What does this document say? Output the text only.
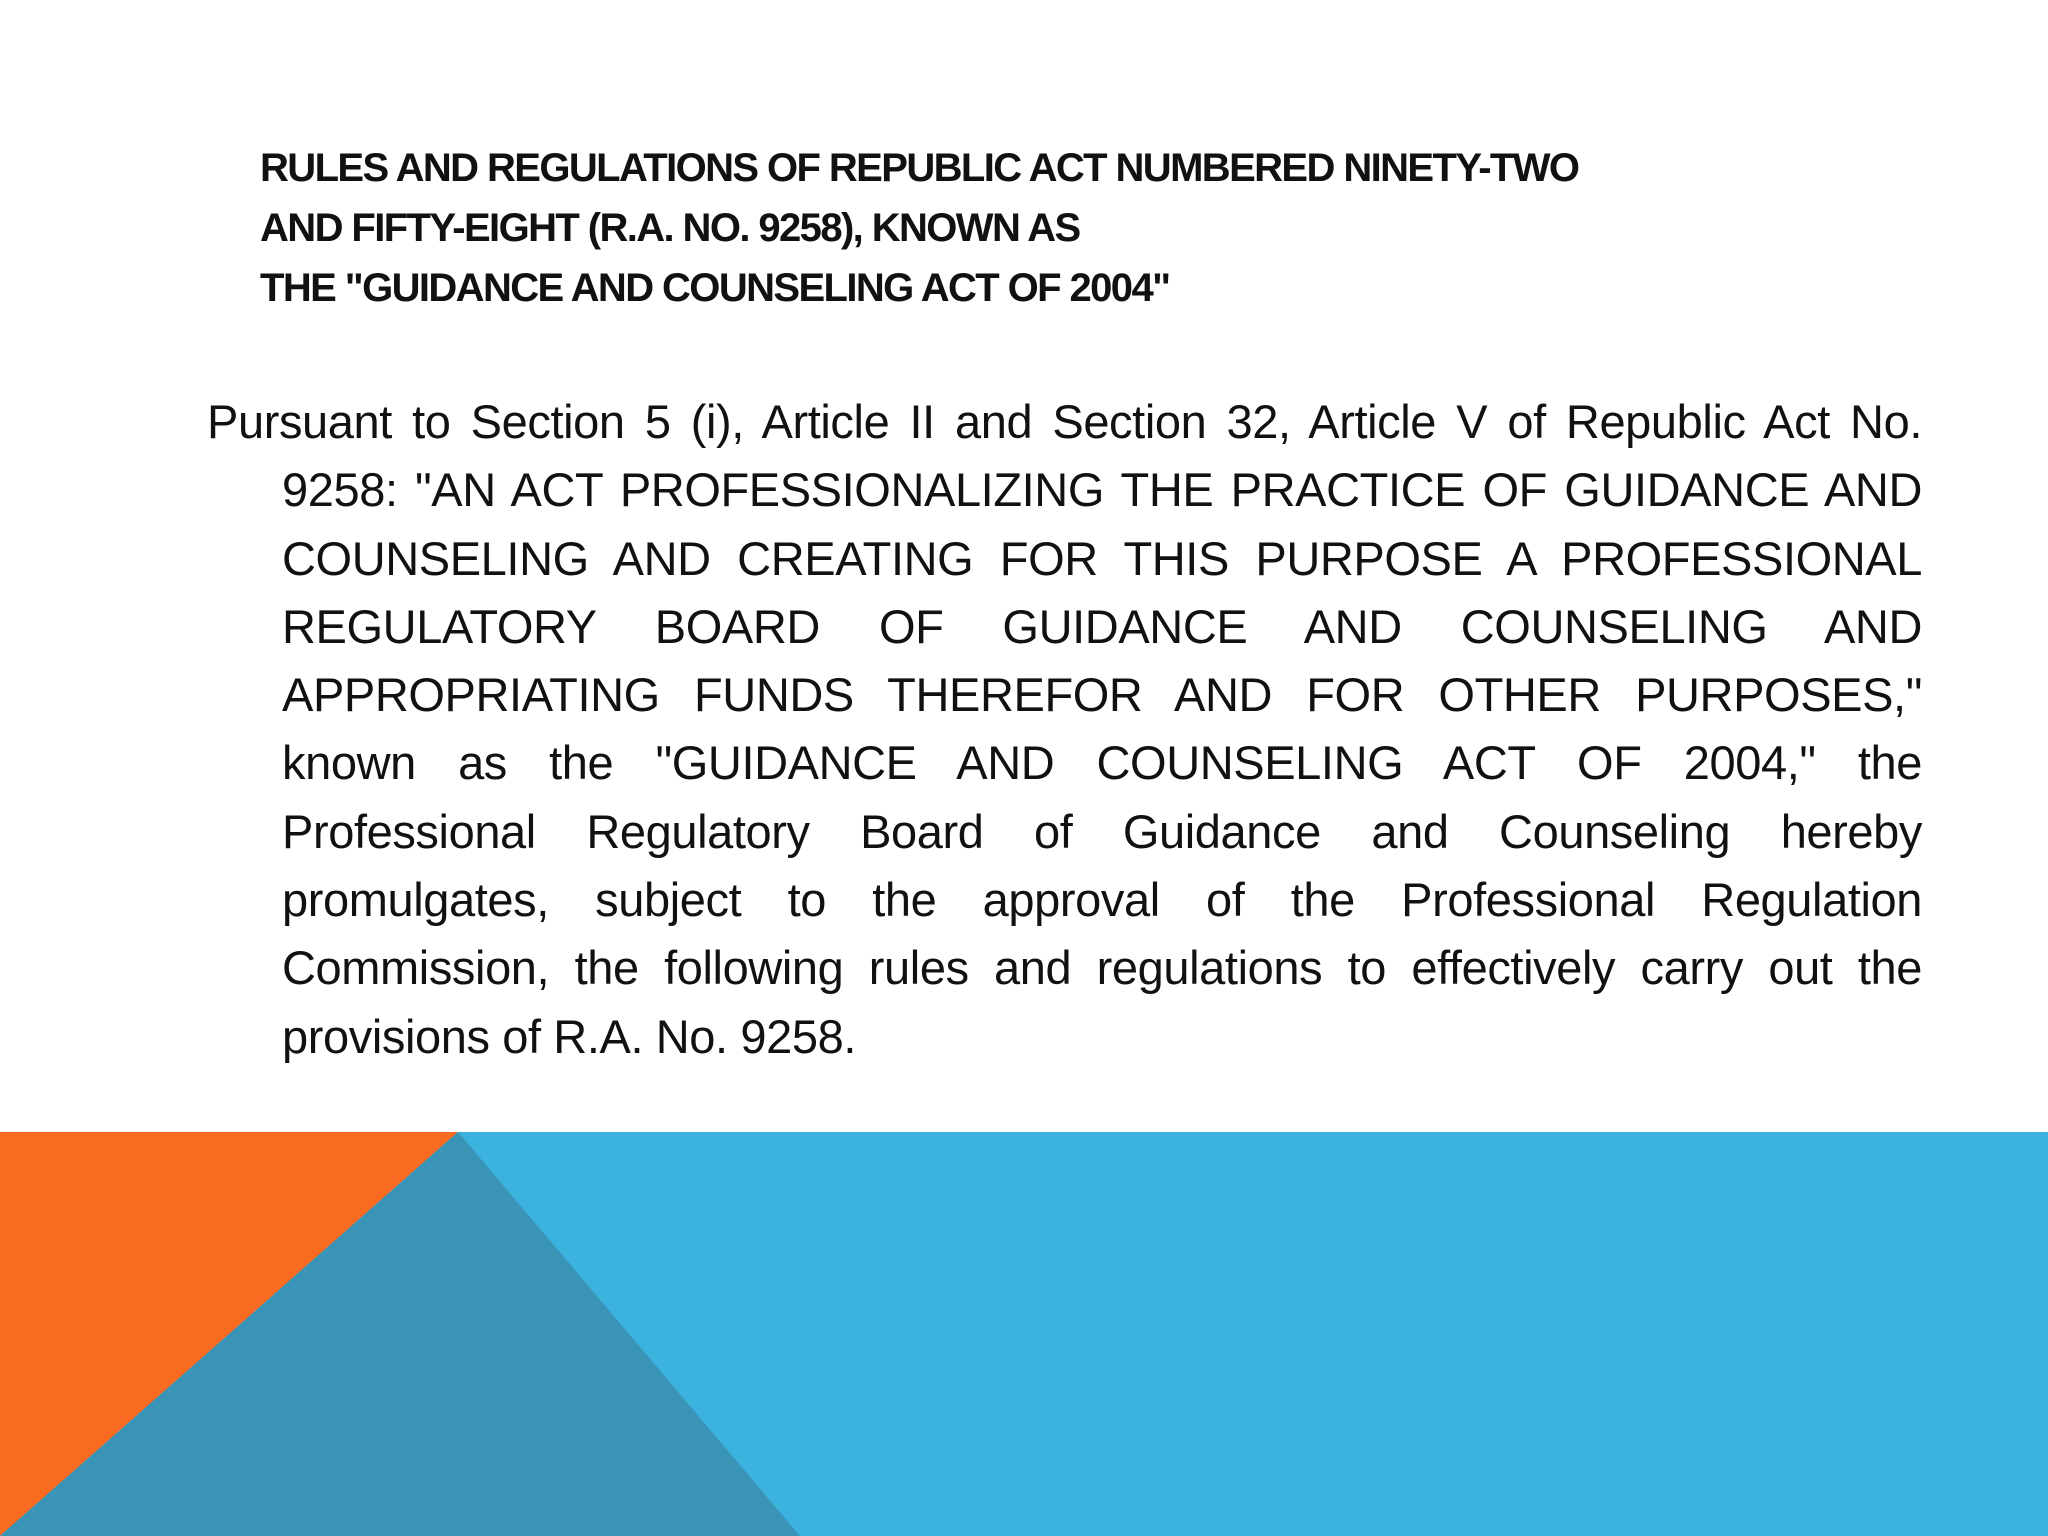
RULES AND REGULATIONS OF REPUBLIC ACT NUMBERED NINETY-TWO
AND FIFTY-EIGHT (R.A. NO. 9258), KNOWN AS
THE "GUIDANCE AND COUNSELING ACT OF 2004"

Pursuant to Section 5 (i), Article II and Section 32, Article V of Republic Act No. 9258: "AN ACT PROFESSIONALIZING THE PRACTICE OF GUIDANCE AND COUNSELING AND CREATING FOR THIS PURPOSE A PROFESSIONAL REGULATORY BOARD OF GUIDANCE AND COUNSELING AND APPROPRIATING FUNDS THEREFOR AND FOR OTHER PURPOSES," known as the "GUIDANCE AND COUNSELING ACT OF 2004," the Professional Regulatory Board of Guidance and Counseling hereby promulgates, subject to the approval of the Professional Regulation Commission, the following rules and regulations to effectively carry out the provisions of R.A. No. 9258.
